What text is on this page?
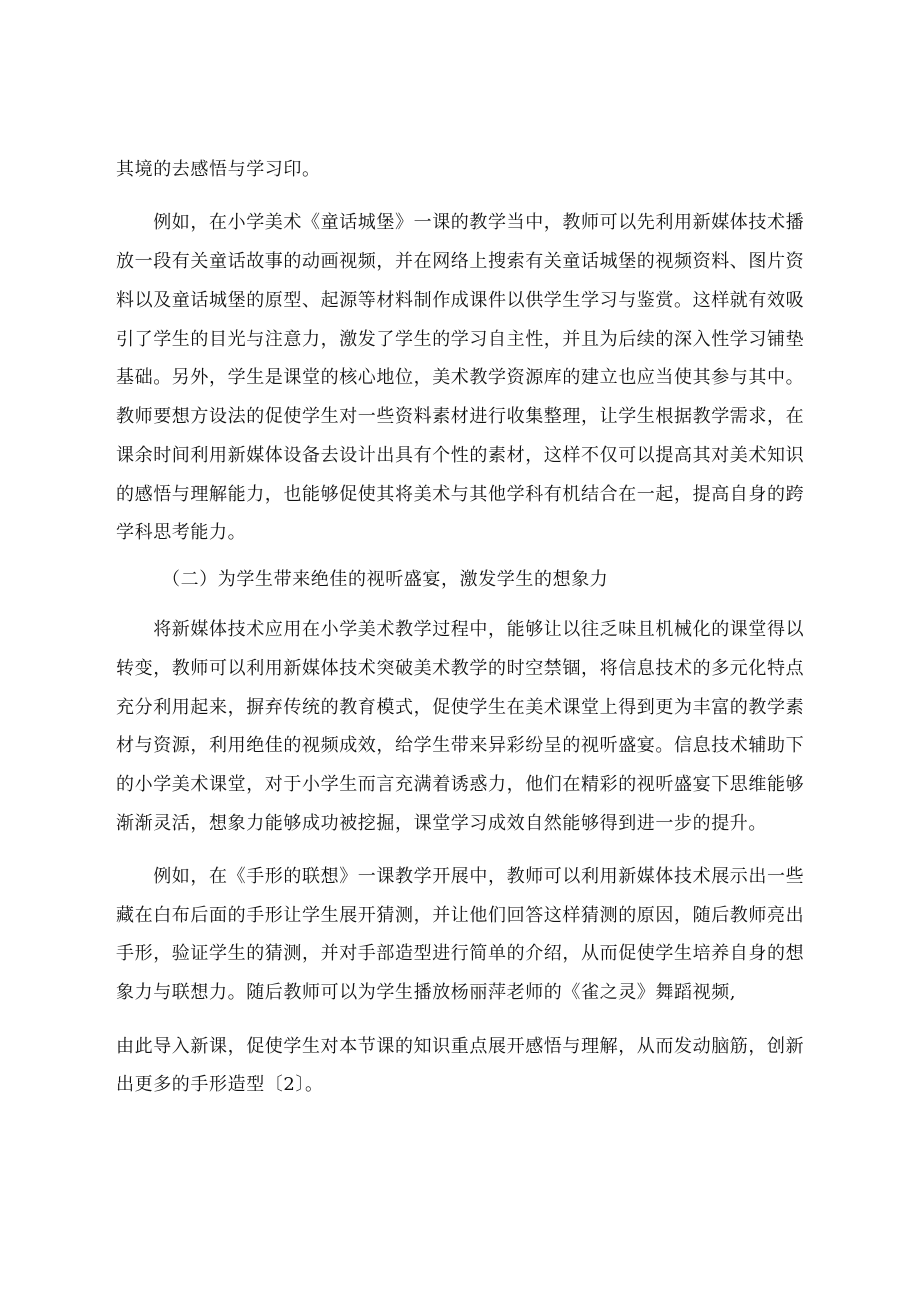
其境的去感悟与学习印。
　　例如，在小学美术《童话城堡》一课的教学当中，教师可以先利用新媒体技术播
放一段有关童话故事的动画视频，并在网络上搜索有关童话城堡的视频资料、图片资
料以及童话城堡的原型、起源等材料制作成课件以供学生学习与鉴赏。这样就有效吸
引了学生的目光与注意力，激发了学生的学习自主性，并且为后续的深入性学习铺垫
基础。另外，学生是课堂的核心地位，美术教学资源库的建立也应当使其参与其中。
教师要想方设法的促使学生对一些资料素材进行收集整理，让学生根据教学需求，在
课余时间利用新媒体设备去设计出具有个性的素材，这样不仅可以提高其对美术知识
的感悟与理解能力，也能够促使其将美术与其他学科有机结合在一起，提高自身的跨
学科思考能力。
（二）为学生带来绝佳的视听盛宴，激发学生的想象力
　　将新媒体技术应用在小学美术教学过程中，能够让以往乏味且机械化的课堂得以
转变，教师可以利用新媒体技术突破美术教学的时空禁锢，将信息技术的多元化特点
充分利用起来，摒弃传统的教育模式，促使学生在美术课堂上得到更为丰富的教学素
材与资源，利用绝佳的视频成效，给学生带来异彩纷呈的视听盛宴。信息技术辅助下
的小学美术课堂，对于小学生而言充满着诱惑力，他们在精彩的视听盛宴下思维能够
渐渐灵活，想象力能够成功被挖掘，课堂学习成效自然能够得到进一步的提升。
　　例如，在《手形的联想》一课教学开展中，教师可以利用新媒体技术展示出一些
藏在白布后面的手形让学生展开猜测，并让他们回答这样猜测的原因，随后教师亮出
手形，验证学生的猜测，并对手部造型进行简单的介绍，从而促使学生培养自身的想
象力与联想力。随后教师可以为学生播放杨丽萍老师的《雀之灵》舞蹈视频,
由此导入新课，促使学生对本节课的知识重点展开感悟与理解，从而发动脑筋，创新
出更多的手形造型〔2〕。
